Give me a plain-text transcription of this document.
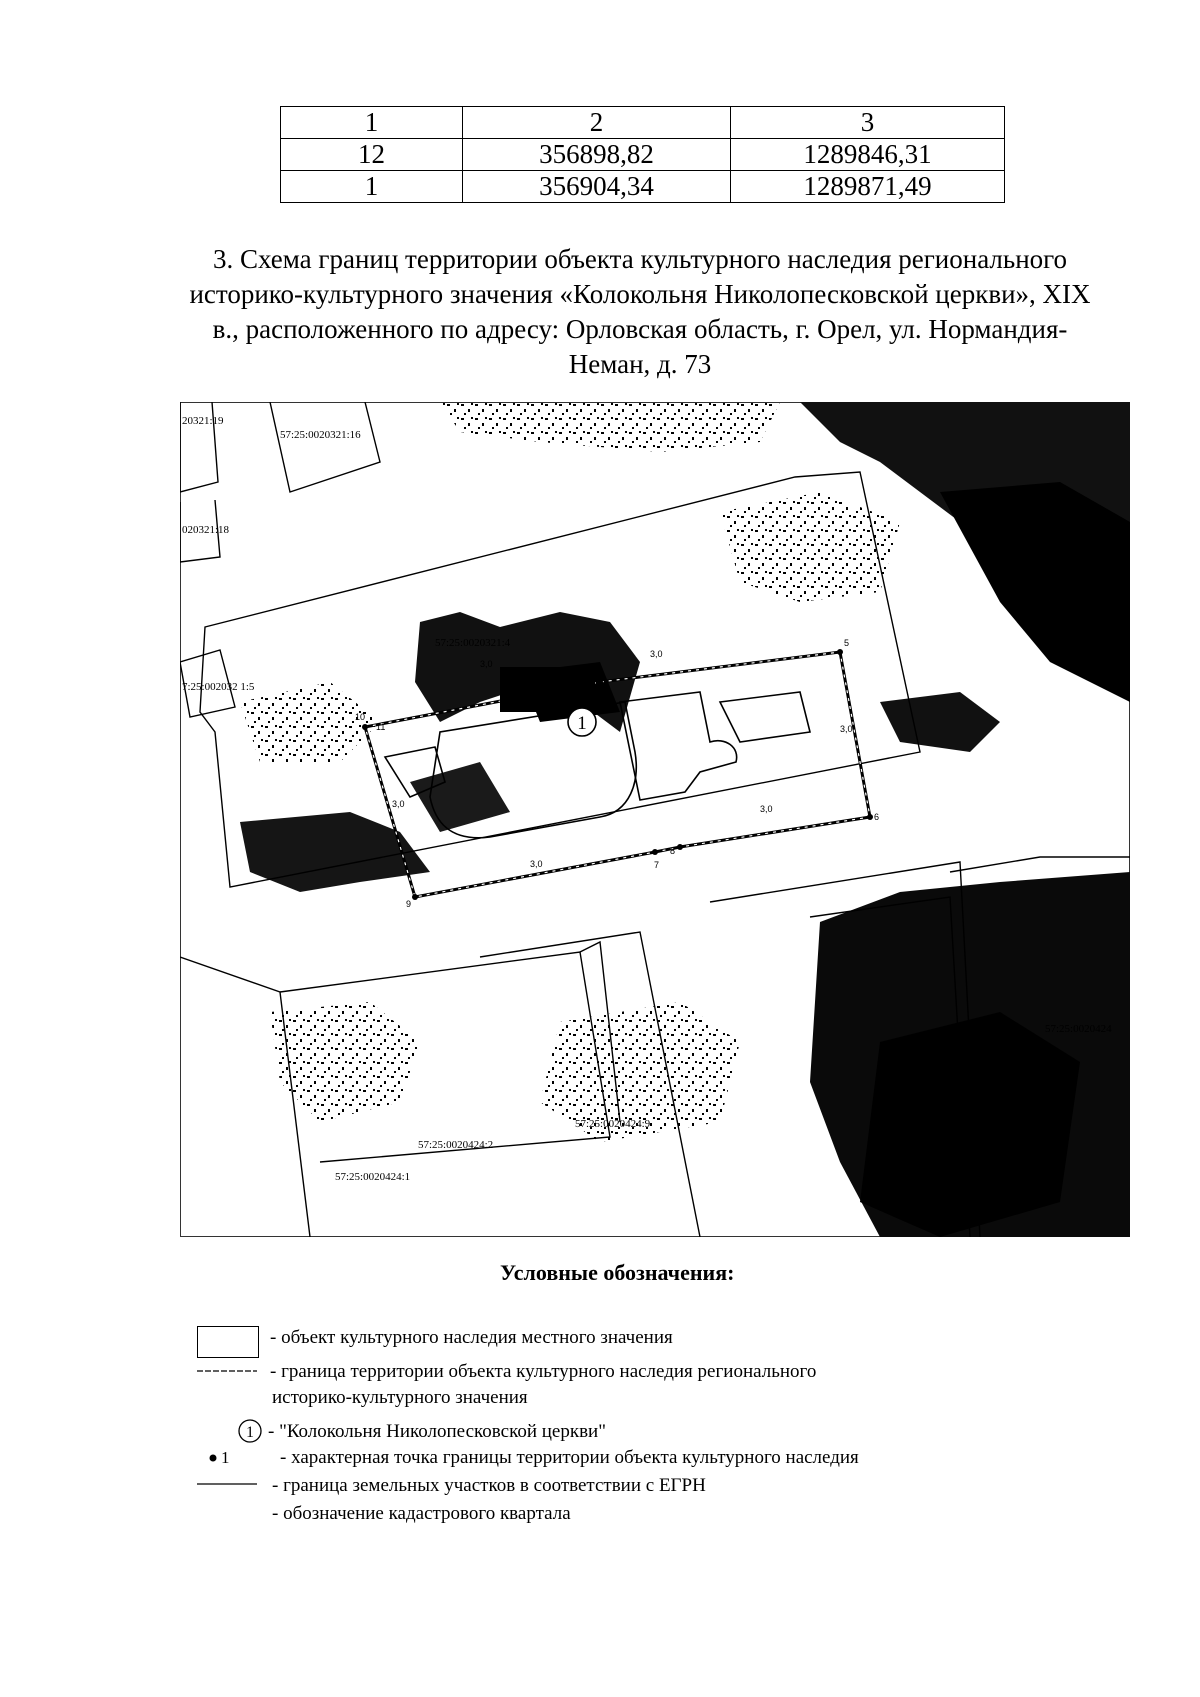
1	2	3
12	356898,82	1289846,31
1	356904,34	1289871,49

3. Схема границ территории объекта культурного наследия регионального
историко-культурного значения «Колокольня Николопесковской церкви», XIX
в., расположенного по адресу: Орловская область, г. Орел, ул. Нормандия-
Неман, д. 73

1
10
9
12
5
6
7
8
11
3,0
3,0
3,0
3,0
3,0
3,0
20321:19
57:25:0020321:16
020321:18
7:25:002032 1:5
57:25:0020321:4
57:25:0020424
57:25:0020424:9
57:25:0020424:2
57:25:0020424:1
Условные обозначения:
- объект культурного наследия местного значения
- граница территории объекта культурного наследия регионального
историко-культурного значения
1 - "Колокольня Николопесковской церкви"
1	- характерная точка границы территории объекта культурного наследия
- граница земельных участков в соответствии с ЕГРН
- обозначение кадастрового квартала
